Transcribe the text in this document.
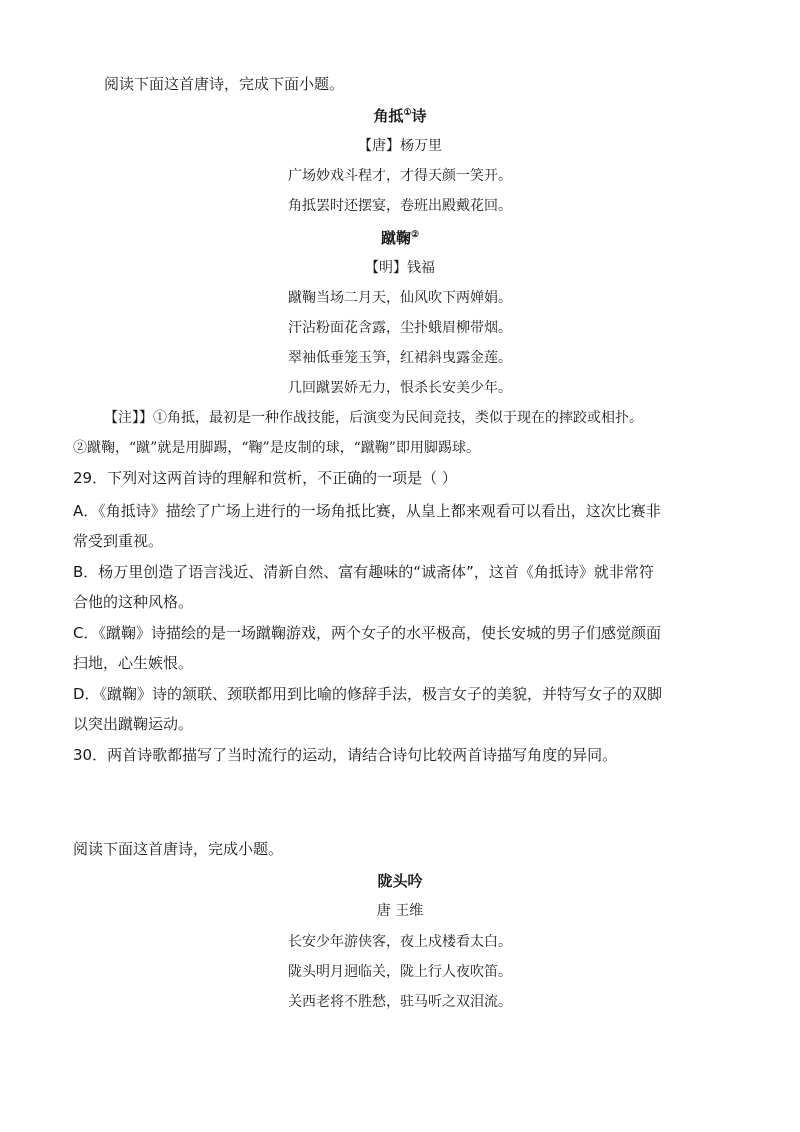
阅读下面这首唐诗，完成下面小题。
角抵①诗
【唐】杨万里
广场妙戏斗程才，才得天颜一笑开。
角抵罢时还摆宴，卷班出殿戴花回。
蹴鞠②
【明】钱福
蹴鞠当场二月天，仙风吹下两婵娟。
汗沾粉面花含露，尘扑蛾眉柳带烟。
翠袖低垂笼玉笋，红裙斜曳露金莲。
几回蹴罢娇无力，恨杀长安美少年。
【注】】①角抵，最初是一种作战技能，后演变为民间竞技，类似于现在的摔跤或相扑。
②蹴鞠，“蹴”就是用脚踢，“鞠”是皮制的球，“蹴鞠”即用脚踢球。
29．下列对这两首诗的理解和赏析，不正确的一项是（ ）
A．《角抵诗》描绘了广场上进行的一场角抵比赛，从皇上都来观看可以看出，这次比赛非
常受到重视。
B．杨万里创造了语言浅近、清新自然、富有趣味的“诚斋体”，这首《角抵诗》就非常符
合他的这种风格。
C．《蹴鞠》诗描绘的是一场蹴鞠游戏，两个女子的水平极高，使长安城的男子们感觉颜面
扫地，心生嫉恨。
D．《蹴鞠》诗的颔联、颈联都用到比喻的修辞手法，极言女子的美貌，并特写女子的双脚
以突出蹴鞠运动。
30．两首诗歌都描写了当时流行的运动，请结合诗句比较两首诗描写角度的异同。
阅读下面这首唐诗，完成小题。
陇头吟
唐 王维
长安少年游侠客，夜上戍楼看太白。
陇头明月迥临关，陇上行人夜吹笛。
关西老将不胜愁，驻马听之双泪流。
